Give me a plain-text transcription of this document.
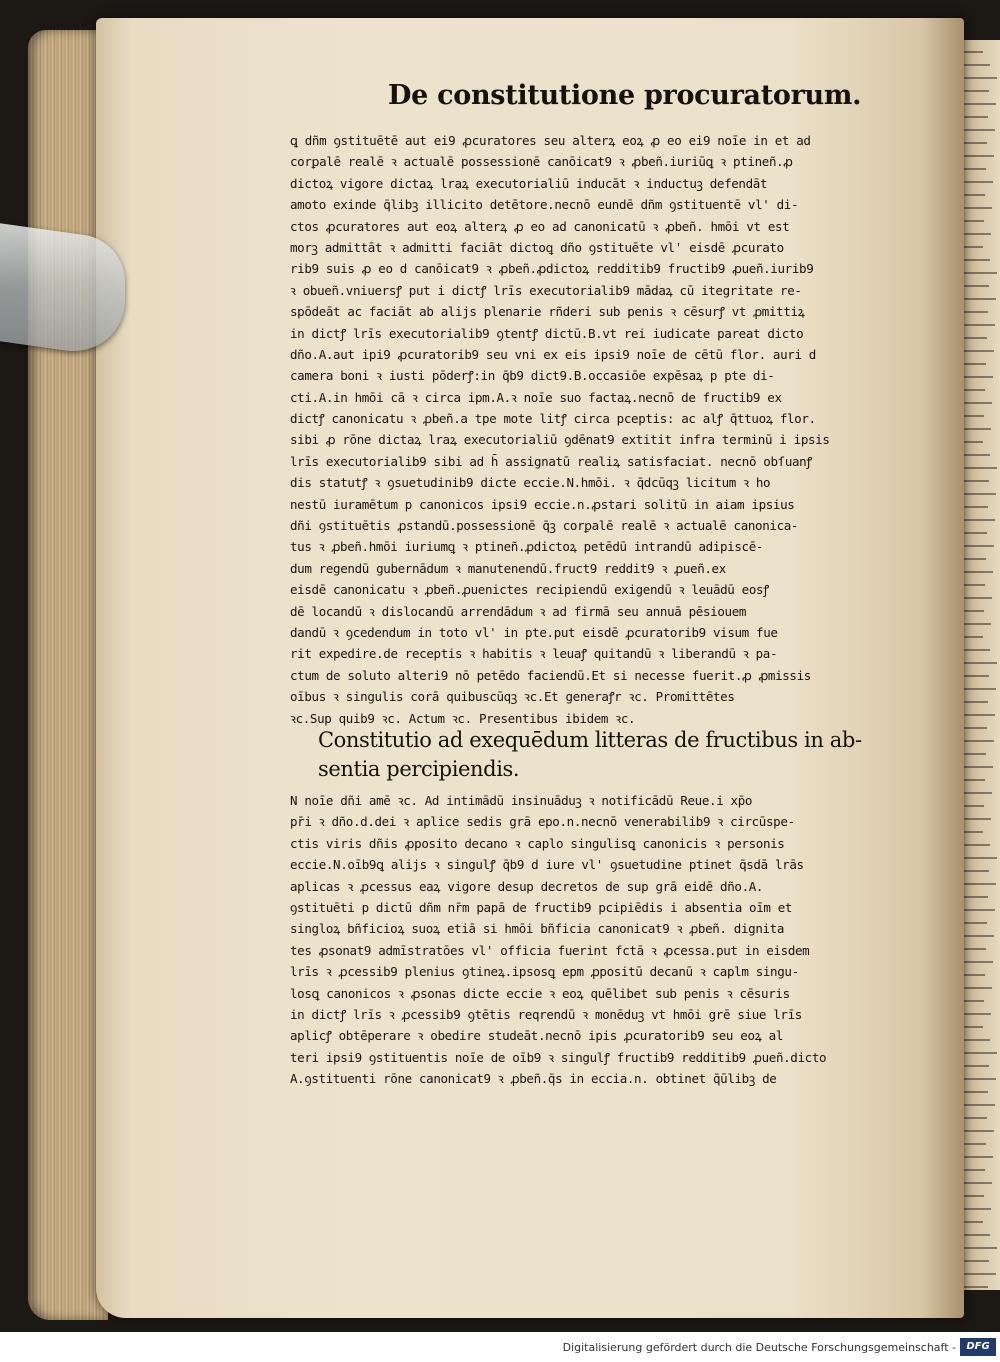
De constitutione procuratorum.
ꝗ dñm ꝯstituētē aut ei9 ꝓcuratores seu alterꝝ eoꝝ ꝓ eo ei9 noīe in et ad
corꝑalē realē ꝛ actualē possessionē canōicat9 ꝛ ꝓbeñ.iuriūꝗ ꝛ ptineñ.ꝓ
dictoꝝ vigore dictaꝝ lraꝝ executorialiū inducāt ꝛ inductuꝫ defendāt
amoto exinde q̄libꝫ illicito detētore.necnō eundē dñm ꝯstituentē vl' di-
ctos ꝓcuratores aut eoꝝ alterꝝ ꝓ eo ad canonicatū ꝛ ꝓbeñ. hmōi vt est
morꝫ admittāt ꝛ admitti faciāt dictoꝗ dño ꝯstituēte vl' eisdē ꝓcurato
rib9 suis ꝓ eo d canōicat9 ꝛ ꝓbeñ.ꝓdictoꝝ redditib9 fructib9 ꝓueñ.iurib9
ꝛ obueñ.vniuersꝭ put i dictꝭ lrīs executorialib9 mādaꝝ cū itegritate re-
spōdeāt ac faciāt ab alijs plenarie rñderi sub penis ꝛ cēsurꝭ vt ꝓmittiꝝ
in dictꝭ lrīs executorialib9 ꝯtentꝭ dictū.B.vt rei iudicate pareat dicto
dño.A.aut ipi9 ꝓcuratorib9 seu vni ex eis ipsi9 noīe de cētū flor. auri d
camera boni ꝛ iusti pōderꝭ:in q̄b9 dict9.B.occasiōe expēsaꝝ p pte di-
cti.A.in hmōi cā ꝛ circa ipm.A.ꝛ noīe suo factaꝝ.necnō de fructib9 ex
dictꝭ canonicatu ꝛ ꝓbeñ.a tpe mote litꝭ circa pceptis: ac alꝭ q̄ttuoꝝ flor.
sibi ꝓ rōne dictaꝝ lraꝝ executorialiū ꝯdēnat9 extitit infra terminū i ipsis
lrīs executorialib9 sibi ad h̄ assignatū realiꝝ satisfaciat. necnō obſuanꝭ
dis statutꝭ ꝛ ꝯsuetudinib9 dicte eccie.N.hmōi. ꝛ q̄dcūqꝫ licitum ꝛ ho
nestū iuramētum p canonicos ipsi9 eccie.n.ꝓstari solitū in aiam ipsius
dñi ꝯstituētis ꝓstandū.possessionē q̄ꝫ corꝑalē realē ꝛ actualē canonica-
tus ꝛ ꝓbeñ.hmōi iuriumꝗ ꝛ ptineñ.ꝓdictoꝝ petēdū intrandū adipiscē-
dum regendū gubernādum ꝛ manutenendū.fruct9 reddit9 ꝛ ꝓueñ.ex
eisdē canonicatu ꝛ ꝓbeñ.ꝓuenictes recipiendū exigendū ꝛ leuādū eosꝭ
dē locandū ꝛ dislocandū arrendādum ꝛ ad firmā seu annuā pēsiouem
dandū ꝛ ꝯcedendum in toto vl' in pte.put eisdē ꝓcuratorib9 visum fue
rit expedire.de receptis ꝛ habitis ꝛ leuaꝭ quitandū ꝛ liberandū ꝛ pa-
ctum de soluto alteri9 nō petēdo faciendū.Et si necesse fuerit.ꝓ ꝓmissis
oībus ꝛ singulis corā quibuscūqꝫ ꝛc.Et generaꝭr ꝛc. Promittētes
ꝛc.Sup quib9 ꝛc. Actum ꝛc. Presentibus ibidem ꝛc.
Constitutio ad exequēdum litteras de fructibus in ab-
sentia percipiendis.
N noīe dñi amē ꝛc. Ad intimādū insinuāduꝫ ꝛ notificādū Reue.i xp̄o
pr̄i ꝛ dño.d.dei ꝛ aplice sedis grā epo.n.necnō venerabilib9 ꝛ circūspe-
ctis viris dñis ꝓposito decano ꝛ caplo singulisꝗ canonicis ꝛ personis
eccie.N.oīb9ꝗ alijs ꝛ singulꝭ q̄b9 d iure vl' ꝯsuetudine ptinet q̄sdā lrās
aplicas ꝛ ꝓcessus eaꝝ vigore desup decretos de sup grā eidē dño.A.
ꝯstituēti p dictū dñm nr̄m papā de fructib9 pcipiēdis i absentia oīm et
singloꝝ bñficioꝝ suoꝝ etiā si hmōi bñficia canonicat9 ꝛ ꝓbeñ. dignita
tes ꝓsonat9 admīstratōes vl' officia fuerint fctā ꝛ ꝓcessa.put in eisdem
lrīs ꝛ ꝓcessib9 plenius ꝯtineꝝ.ipsosꝗ epm ꝓpositū decanū ꝛ caplm singu-
losꝗ canonicos ꝛ ꝓsonas dicte eccie ꝛ eoꝝ quēlibet sub penis ꝛ cēsuris
in dictꝭ lrīs ꝛ ꝓcessib9 ꝯtētis reqrendū ꝛ monēduꝫ vt hmōi grē siue lrīs
aplicꝭ obtēperare ꝛ obedire studeāt.necnō ipis ꝓcuratorib9 seu eoꝝ al
teri ipsi9 ꝯstituentis noīe de oīb9 ꝛ singulꝭ fructib9 redditib9 ꝓueñ.dicto
A.ꝯstituenti rōne canonicat9 ꝛ ꝓbeñ.q̄s in eccia.n. obtinet q̄ūlibꝫ de
Digitalisierung gefördert durch die Deutsche Forschungsgemeinschaft -	DFG
